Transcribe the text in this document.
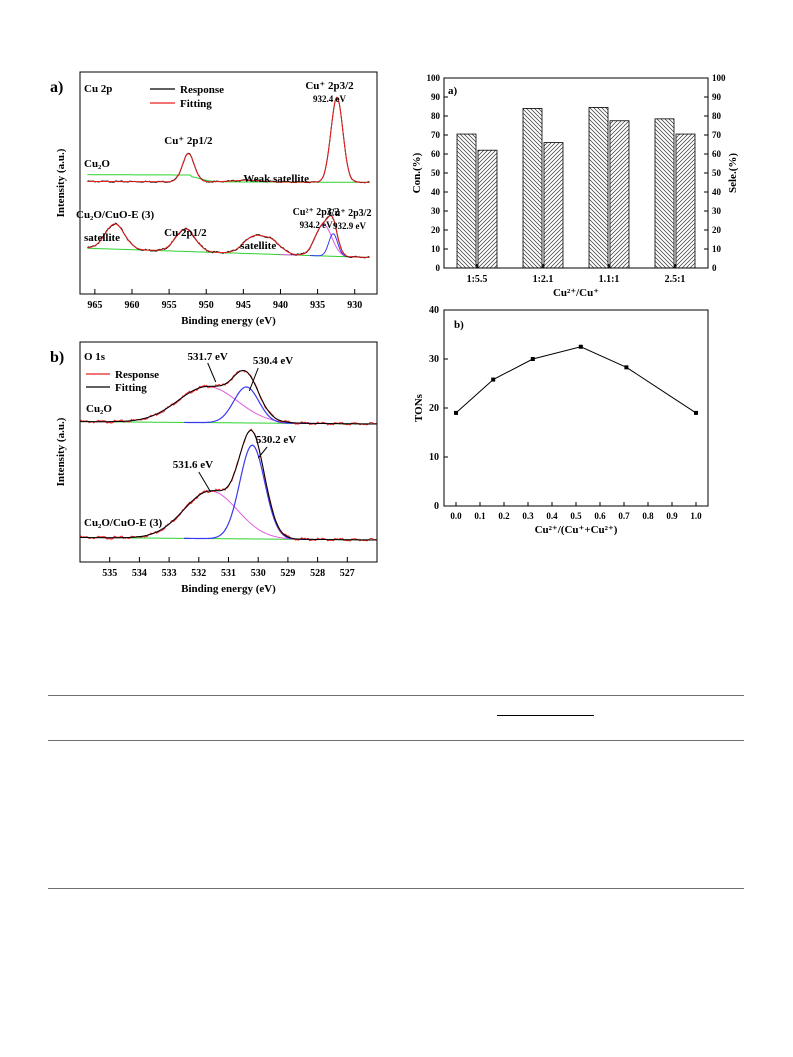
965 960 955 950 945 940 935 930
Binding energy (eV)
Intensity (a.u.)
a) Cu 2p	Response
Fitting
Cu₂O
Cu₂O/CuO-E (3)
Cu⁺ 2p3/2
932.4 eV
Cu⁺ 2p1/2
Weak satellite
satellite	Cu 2p1/2
satellite
Cu²⁺ 2p3/2
934.2 eV
Cu⁺ 2p3/2
932.9 eV
0	0
10	10
20	20
30	30
40	40
50	50
60	60
70	70
80	80
90	90
100	100
Con.(%)	Sele.(%)
a)
1:5.5	1:2.1	1.1:1	2.5:1
Cu²⁺/Cu⁺
535 534 533 532 531 530 529 528 527
Binding energy (eV)
Intensity (a.u.)
b) O 1s
Response
Fitting
Cu₂O
Cu₂O/CuO-E (3)
531.7 eV 530.4 eV
531.6 eV
530.2 eV
0
10
20
30
40
0.0 0.1 0.2 0.3 0.4 0.5 0.6 0.7 0.8 0.9 1.0
Cu²⁺/(Cu⁺+Cu²⁺)
TONs
b)
